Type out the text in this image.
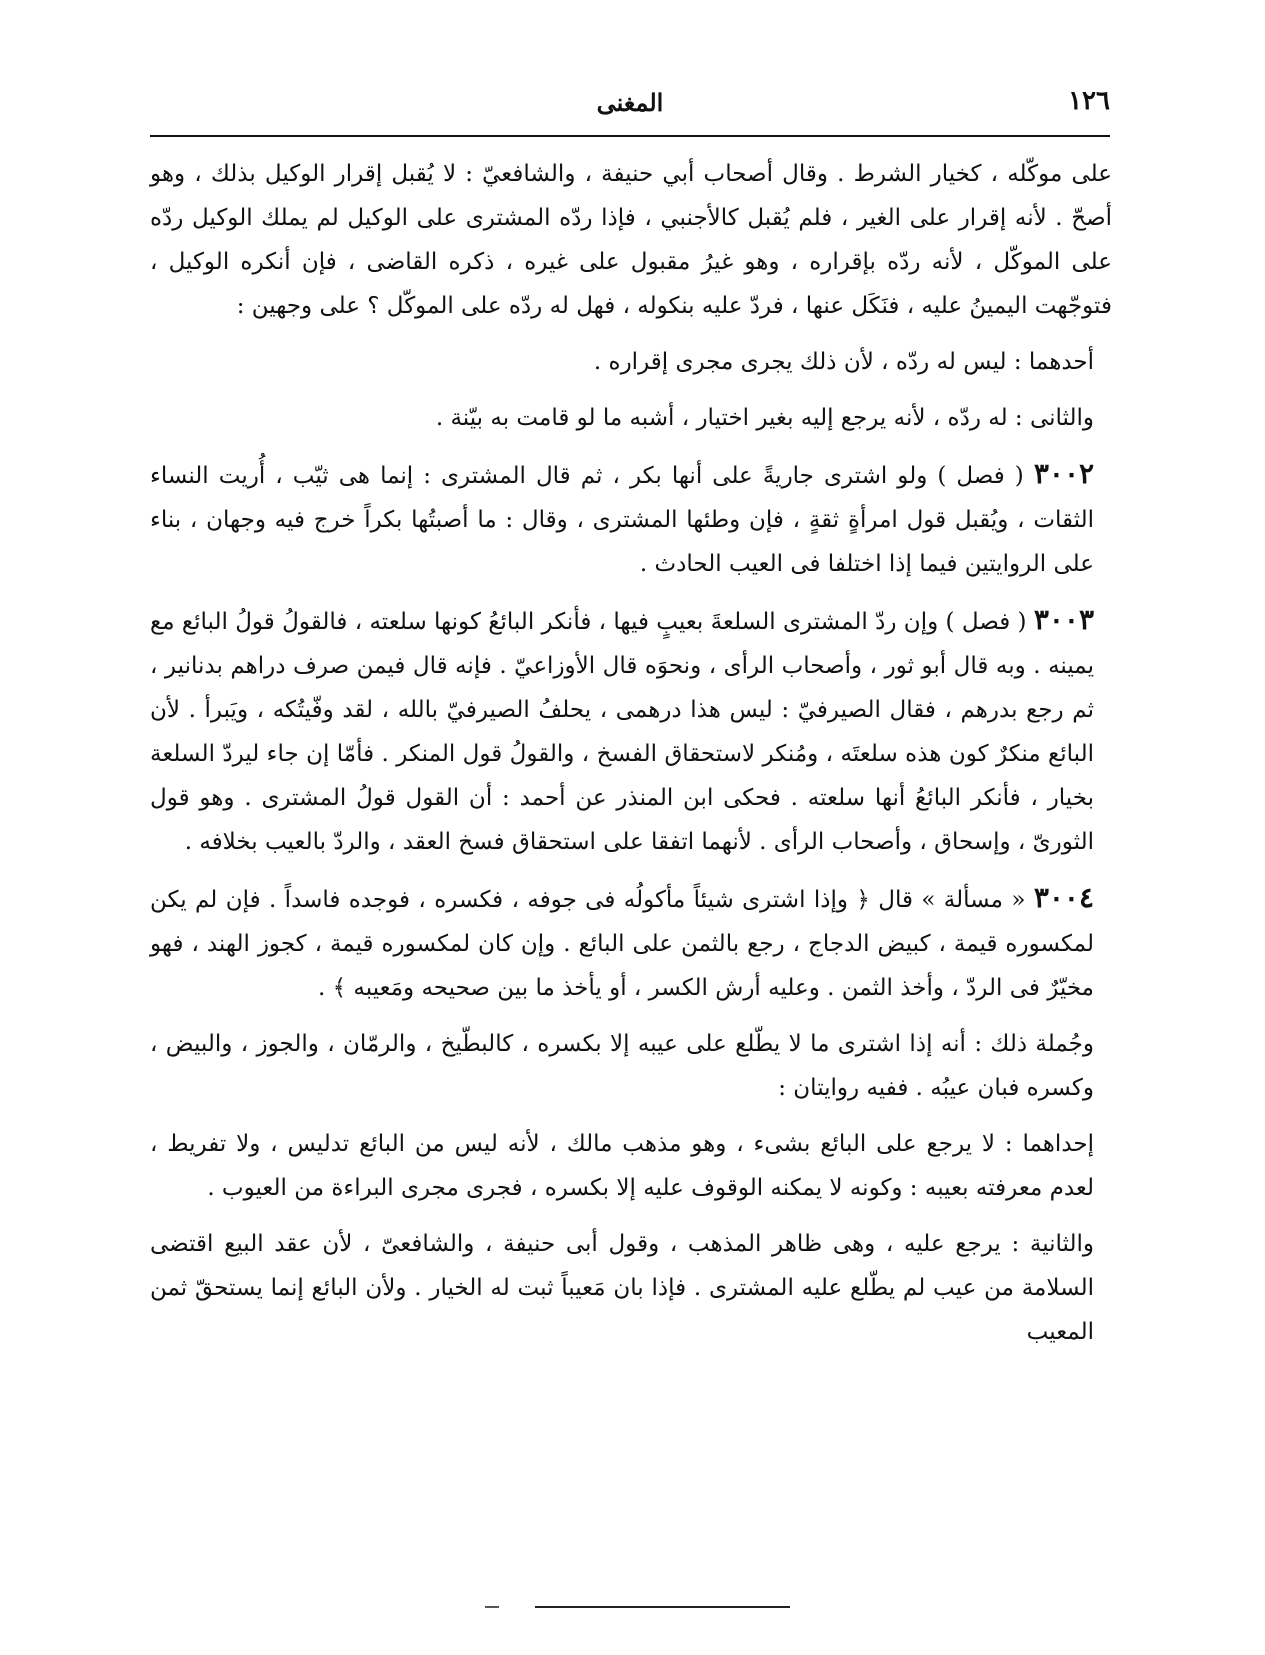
١٢٦
المغنى

على موكّله ، كخيار الشرط . وقال أصحاب أبي حنيفة ، والشافعيّ : لا يُقبل إقرار الوكيل بذلك ، وهو أصحّ . لأنه إقرار على الغير ، فلم يُقبل كالأجنبي ، فإذا ردّه المشترى على الوكيل لم يملك الوكيل ردّه على الموكّل ، لأنه ردّه بإقراره ، وهو غيرُ مقبول على غيره ، ذكره القاضى ، فإن أنكره الوكيل ، فتوجّهت اليمينُ عليه ، فنَكَل عنها ، فردّ عليه بنكوله ، فهل له ردّه على الموكّل ؟ على وجهين :

أحدهما : ليس له ردّه ، لأن ذلك يجرى مجرى إقراره .

والثانى : له ردّه ، لأنه يرجع إليه بغير اختيار ، أشبه ما لو قامت به بيّنة .

٣٠٠٢ ( فصل ) ولو اشترى جاريةً على أنها بكر ، ثم قال المشترى : إنما هى ثيّب ، أُريت النساء الثقات ، ويُقبل قول امرأةٍ ثقةٍ ، فإن وطئها المشترى ، وقال : ما أصبتُها بكراً خرج فيه وجهان ، بناء على الروايتين فيما إذا اختلفا فى العيب الحادث .

٣٠٠٣ ( فصل ) وإن ردّ المشترى السلعةَ بعيبٍ فيها ، فأنكر البائعُ كونها سلعته ، فالقولُ قولُ البائع مع يمينه . وبه قال أبو ثور ، وأصحاب الرأى ، ونحوَه قال الأوزاعيّ . فإنه قال فيمن صرف دراهم بدنانير ، ثم رجع بدرهم ، فقال الصيرفيّ : ليس هذا درهمى ، يحلفُ الصيرفيّ بالله ، لقد وفّيتُكه ، ويَبرأ . لأن البائع منكرٌ كون هذه سلعتَه ، ومُنكر لاستحقاق الفسخ ، والقولُ قول المنكر . فأمّا إن جاء ليردّ السلعة بخيار ، فأنكر البائعُ أنها سلعته . فحكى ابن المنذر عن أحمد : أن القول قولُ المشترى . وهو قول الثورىّ ، وإسحاق ، وأصحاب الرأى . لأنهما اتفقا على استحقاق فسخ العقد ، والردّ بالعيب بخلافه .

٣٠٠٤ « مسألة » قال ﴿ وإذا اشترى شيئاً مأكولُه فى جوفه ، فكسره ، فوجده فاسداً . فإن لم يكن لمكسوره قيمة ، كبيض الدجاج ، رجع بالثمن على البائع . وإن كان لمكسوره قيمة ، كجوز الهند ، فهو مخيّرٌ فى الردّ ، وأخذ الثمن . وعليه أرش الكسر ، أو يأخذ ما بين صحيحه ومَعيبه ﴾ .

وجُملة ذلك : أنه إذا اشترى ما لا يطّلع على عيبه إلا بكسره ، كالبطّيخ ، والرمّان ، والجوز ، والبيض ، وكسره فبان عيبُه . ففيه روايتان :

إحداهما : لا يرجع على البائع بشىء ، وهو مذهب مالك ، لأنه ليس من البائع تدليس ، ولا تفريط ، لعدم معرفته بعيبه : وكونه لا يمكنه الوقوف عليه إلا بكسره ، فجرى مجرى البراءة من العيوب .

والثانية : يرجع عليه ، وهى ظاهر المذهب ، وقول أبى حنيفة ، والشافعىّ ، لأن عقد البيع اقتضى السلامة من عيب لم يطّلع عليه المشترى . فإذا بان مَعيباً ثبت له الخيار . ولأن البائع إنما يستحقّ ثمن المعيب
